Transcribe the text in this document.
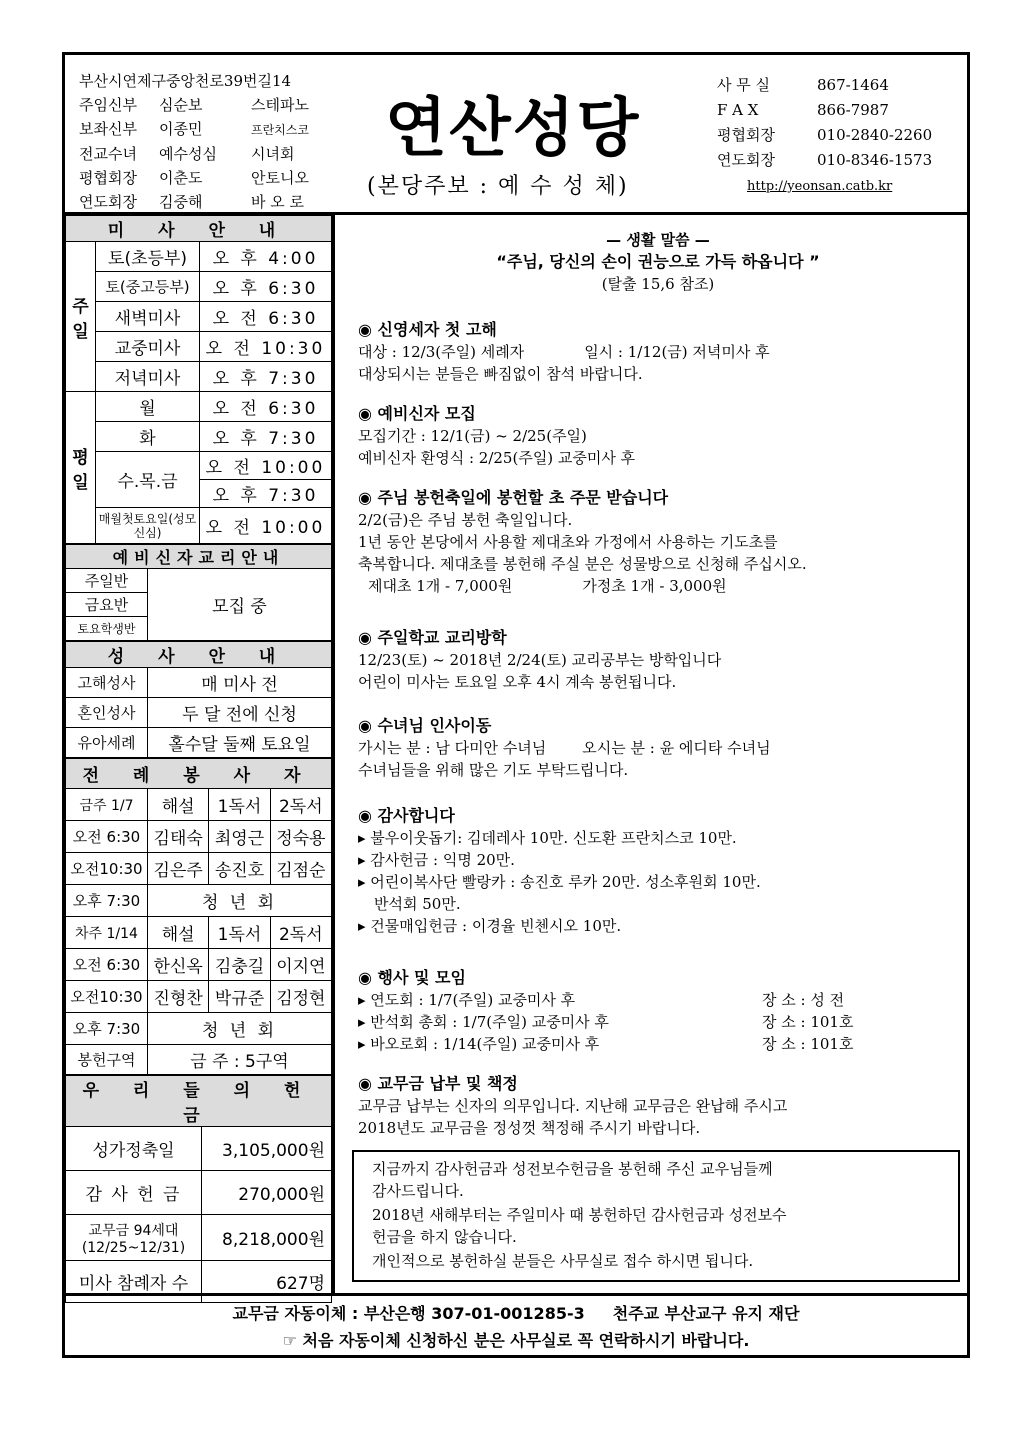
부산시연제구중앙천로39번길14
주임신부 심순보	스테파노
보좌신부 이종민	프란치스코
전교수녀 예수성심 시녀회
평협회장 이춘도	안토니오
연도회장 김중해	바 오 로
연산성당
(본당주보 : 예 수 성 체)
사 무 실	867-1464
F A X	866-7987
평협회장	010-2840-2260
연도회장	010-8346-1573
http://yeonsan.catb.kr
미 사 안 내		
주 일	토(초등부)	오 후 4:00
	토(중고등부)	오 후 6:30
	새벽미사	오 전 6:30
	교중미사	오 전 10:30
	저녁미사	오 후 7:30
평 일	월	오 전 6:30
	화	오 후 7:30
	수.목.금	오 전 10:00
		오 후 7:30
	매월첫토요일(성모신심)	오 전 10:00
예비신자교리안내
주일반	모집 중
금요반
토요학생반
성 사 안 내	
고해성사	매 미사 전
혼인성사	두 달 전에 신청
유아세례	홀수달 둘째 토요일
전 례 봉 사 자			
금주 1/7	해설	1독서	2독서
오전 6:30	김태숙	최영근	정숙용
오전10:30	김은주	송진호	김점순
오후 7:30	청 년 회		
차주 1/14	해설	1독서	2독서
오전 6:30	한신옥	김충길	이지연
오전10:30	진형찬	박규준	김정현
오후 7:30	청 년 회		
봉헌구역	금 주 : 5구역		
우 리 들 의 헌 금	
성가정축일	3,105,000원
감 사 헌 금	270,000원
교무금 94세대 (12/25~12/31)	8,218,000원
미사 참례자 수	627명
— 생활 말씀 —
“주님, 당신의 손이 권능으로 가득 하옵니다 ”
(탈출 15,6 참조)
◉ 신영세자 첫 고해
대상 : 12/3(주일) 세례자	일시 : 1/12(금) 저녁미사 후
대상되시는 분들은 빠짐없이 참석 바랍니다.
◉ 예비신자 모집
모집기간 : 12/1(금) ~ 2/25(주일)
예비신자 환영식 : 2/25(주일) 교중미사 후
◉ 주님 봉헌축일에 봉헌할 초 주문 받습니다
2/2(금)은 주님 봉헌 축일입니다.
1년 동안 본당에서 사용할 제대초와 가정에서 사용하는 기도초를
축복합니다. 제대초를 봉헌해 주실 분은 성물방으로 신청해 주십시오.
제대초 1개 - 7,000원	가정초 1개 - 3,000원
◉ 주일학교 교리방학
12/23(토) ~ 2018년 2/24(토) 교리공부는 방학입니다
어린이 미사는 토요일 오후 4시 계속 봉헌됩니다.
◉ 수녀님 인사이동
가시는 분 : 남 다미안 수녀님 오시는 분 : 윤 에디타 수녀님
수녀님들을 위해 많은 기도 부탁드립니다.
◉ 감사합니다
▸ 불우이웃돕기: 김데레사 10만. 신도환 프란치스코 10만.
▸ 감사헌금 : 익명 20만.
▸ 어린이복사단 빨랑카 : 송진호 루카 20만. 성소후원회 10만.
반석회 50만.
▸ 건물매입헌금 : 이경율 빈첸시오 10만.
◉ 행사 및 모임
▸ 연도회 : 1/7(주일) 교중미사 후	장 소 : 성 전
▸ 반석회 총회 : 1/7(주일) 교중미사 후	장 소 : 101호
▸ 바오로회 : 1/14(주일) 교중미사 후	장 소 : 101호
◉ 교무금 납부 및 책정
교무금 납부는 신자의 의무입니다. 지난해 교무금은 완납해 주시고
2018년도 교무금을 정성껏 책정해 주시기 바랍니다.
지금까지 감사헌금과 성전보수헌금을 봉헌해 주신 교우님들께
감사드립니다.
2018년 새해부터는 주일미사 때 봉헌하던 감사헌금과 성전보수
헌금을 하지 않습니다.
개인적으로 봉헌하실 분들은 사무실로 접수 하시면 됩니다.
교무금 자동이체 : 부산은행 307-01-001285-3 천주교 부산교구 유지 재단
☞ 처음 자동이체 신청하신 분은 사무실로 꼭 연락하시기 바랍니다.
